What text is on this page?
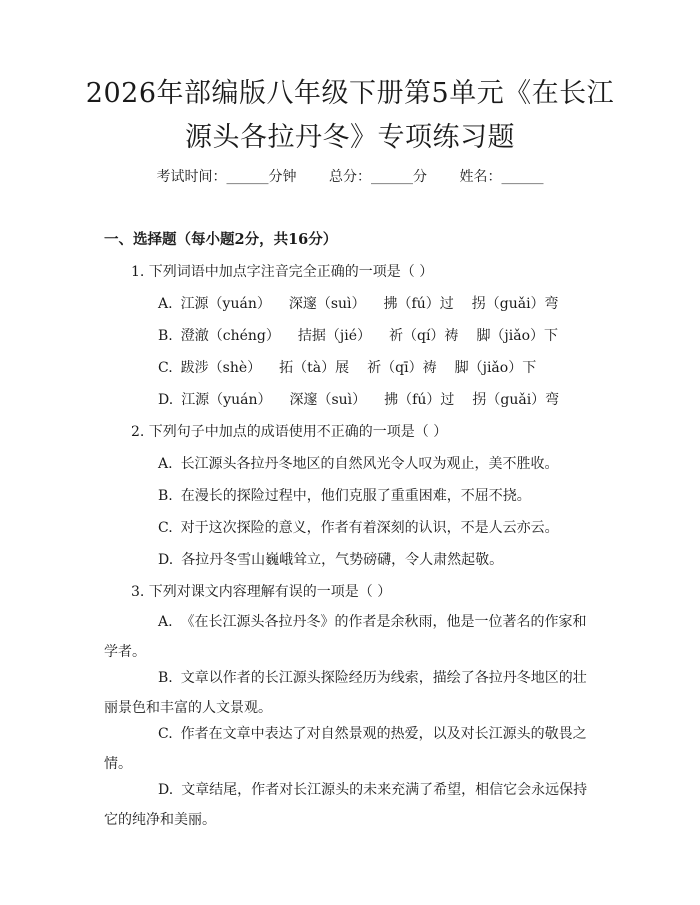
2026年部编版八年级下册第5单元《在长江
源头各拉丹冬》专项练习题
考试时间：______分钟 总分：______分 姓名：______
一、选择题（每小题2分，共16分）
1. 下列词语中加点字注音完全正确的一项是（ ）
A. 江源（yuán） 深邃（suì） 拂（fú）过 拐（guǎi）弯
B. 澄澈（chéng） 拮据（jié） 祈（qí）祷 脚（jiǎo）下
C. 跋涉（shè） 拓（tà）展 祈（qī）祷 脚（jiǎo）下
D. 江源（yuán） 深邃（suì） 拂（fú）过 拐（guǎi）弯
2. 下列句子中加点的成语使用不正确的一项是（ ）
A. 长江源头各拉丹冬地区的自然风光令人叹为观止，美不胜收。
B. 在漫长的探险过程中，他们克服了重重困难，不屈不挠。
C. 对于这次探险的意义，作者有着深刻的认识，不是人云亦云。
D. 各拉丹冬雪山巍峨耸立，气势磅礴，令人肃然起敬。
3. 下列对课文内容理解有误的一项是（ ）
A. 《在长江源头各拉丹冬》的作者是余秋雨，他是一位著名的作家和学者。
B. 文章以作者的长江源头探险经历为线索，描绘了各拉丹冬地区的壮丽景色和丰富的人文景观。
C. 作者在文章中表达了对自然景观的热爱，以及对长江源头的敬畏之情。
D. 文章结尾，作者对长江源头的未来充满了希望，相信它会永远保持它的纯净和美丽。
